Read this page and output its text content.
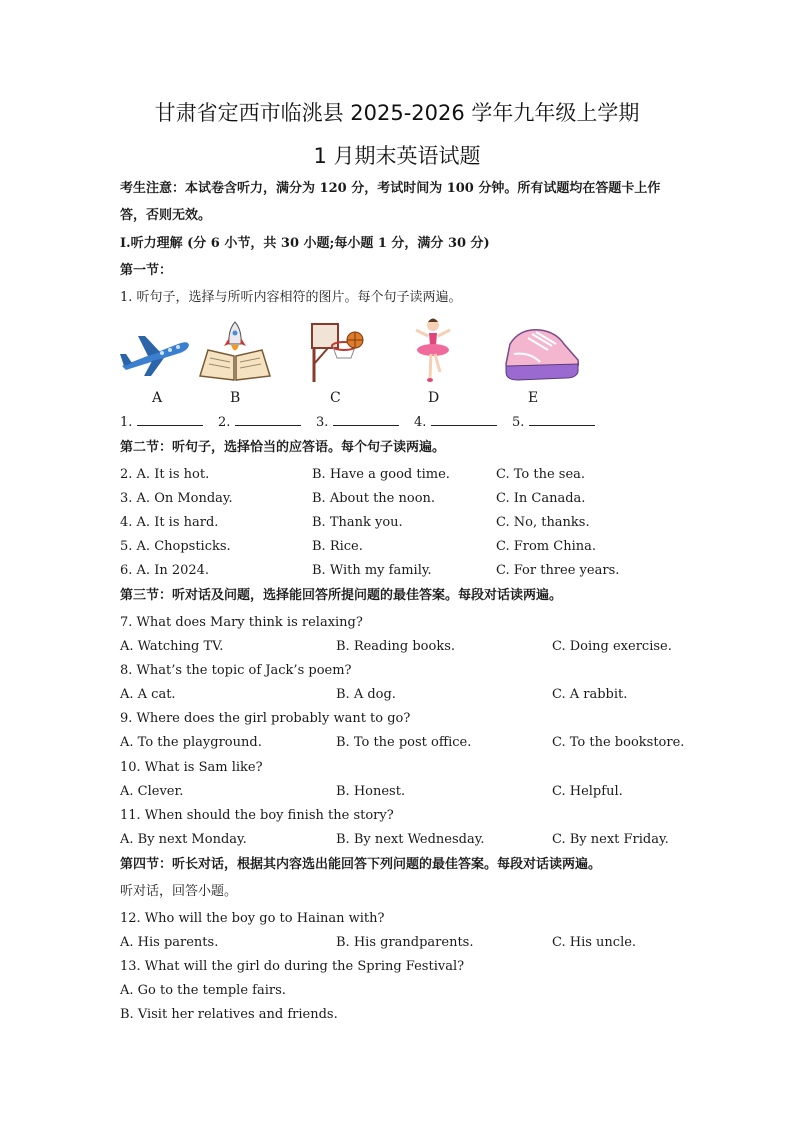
甘肃省定西市临洮县 2025-2026 学年九年级上学期
1 月期末英语试题
考生注意：本试卷含听力，满分为 120 分，考试时间为 100 分钟。所有试题均在答题卡上作答，否则无效。
Ⅰ.听力理解 (分 6 小节，共 30 小题;每小题 1 分，满分 30 分)
第一节：
1. 听句子，选择与所听内容相符的图片。每个句子读两遍。
A	B	C	D	E
1.	2.	3.	4.	5.
第二节：听句子，选择恰当的应答语。每个句子读两遍。
2. A. It is hot.	B. Have a good time.	C. To the sea.
3. A. On Monday.	B. About the noon.	C. In Canada.
4. A. It is hard.	B. Thank you.	C. No, thanks.
5. A. Chopsticks.	B. Rice.	C. From China.
6. A. In 2024.	B. With my family.	C. For three years.
第三节：听对话及问题，选择能回答所提问题的最佳答案。每段对话读两遍。
7. What does Mary think is relaxing?
A. Watching TV.	B. Reading books.	C. Doing exercise.
8. What’s the topic of Jack’s poem?
A. A cat.	B. A dog.	C. A rabbit.
9. Where does the girl probably want to go?
A. To the playground.	B. To the post office.	C. To the bookstore.
10. What is Sam like?
A. Clever.	B. Honest.	C. Helpful.
11. When should the boy finish the story?
A. By next Monday.	B. By next Wednesday.	C. By next Friday.
第四节：听长对话，根据其内容选出能回答下列问题的最佳答案。每段对话读两遍。
听对话，回答小题。
12. Who will the boy go to Hainan with?
A. His parents.	B. His grandparents.	C. His uncle.
13. What will the girl do during the Spring Festival?
A. Go to the temple fairs.
B. Visit her relatives and friends.
